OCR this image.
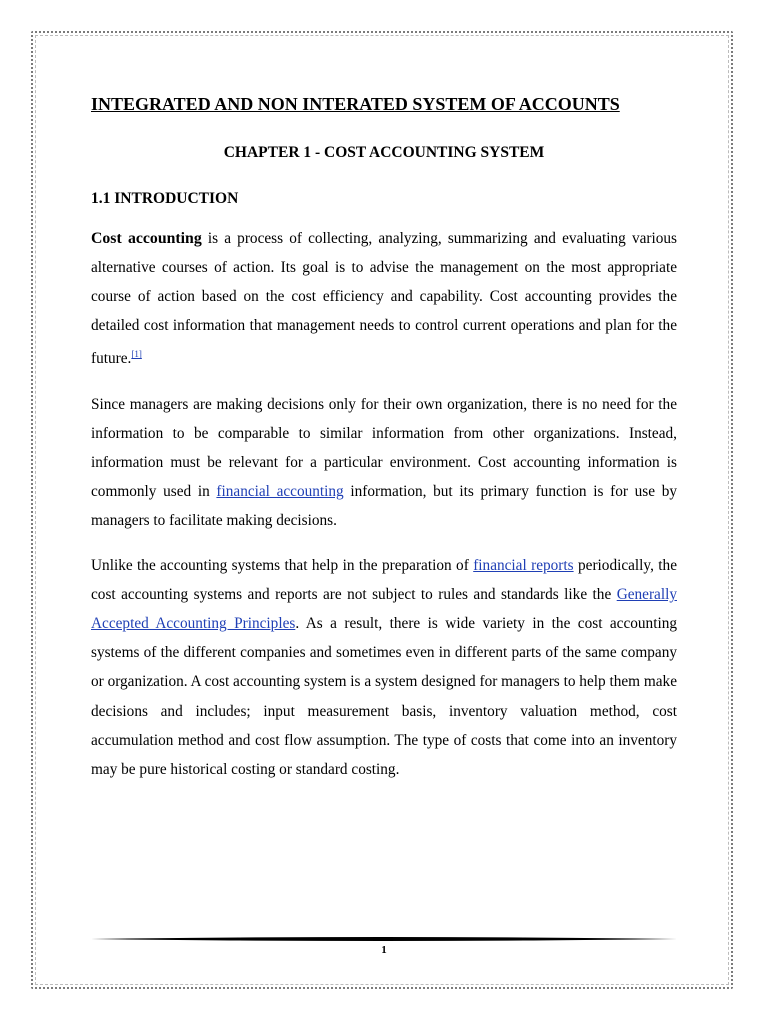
INTEGRATED AND NON INTERATED SYSTEM OF ACCOUNTS
CHAPTER 1 - COST ACCOUNTING SYSTEM
1.1 INTRODUCTION

Cost accounting is a process of collecting, analyzing, summarizing and evaluating various alternative courses of action. Its goal is to advise the management on the most appropriate course of action based on the cost efficiency and capability. Cost accounting provides the detailed cost information that management needs to control current operations and plan for the future.[1]

Since managers are making decisions only for their own organization, there is no need for the information to be comparable to similar information from other organizations. Instead, information must be relevant for a particular environment. Cost accounting information is commonly used in financial accounting information, but its primary function is for use by managers to facilitate making decisions.

Unlike the accounting systems that help in the preparation of financial reports periodically, the cost accounting systems and reports are not subject to rules and standards like the Generally Accepted Accounting Principles. As a result, there is wide variety in the cost accounting systems of the different companies and sometimes even in different parts of the same company or organization. A cost accounting system is a system designed for managers to help them make decisions and includes; input measurement basis, inventory valuation method, cost accumulation method and cost flow assumption. The type of costs that come into an inventory may be pure historical costing or standard costing.

1
